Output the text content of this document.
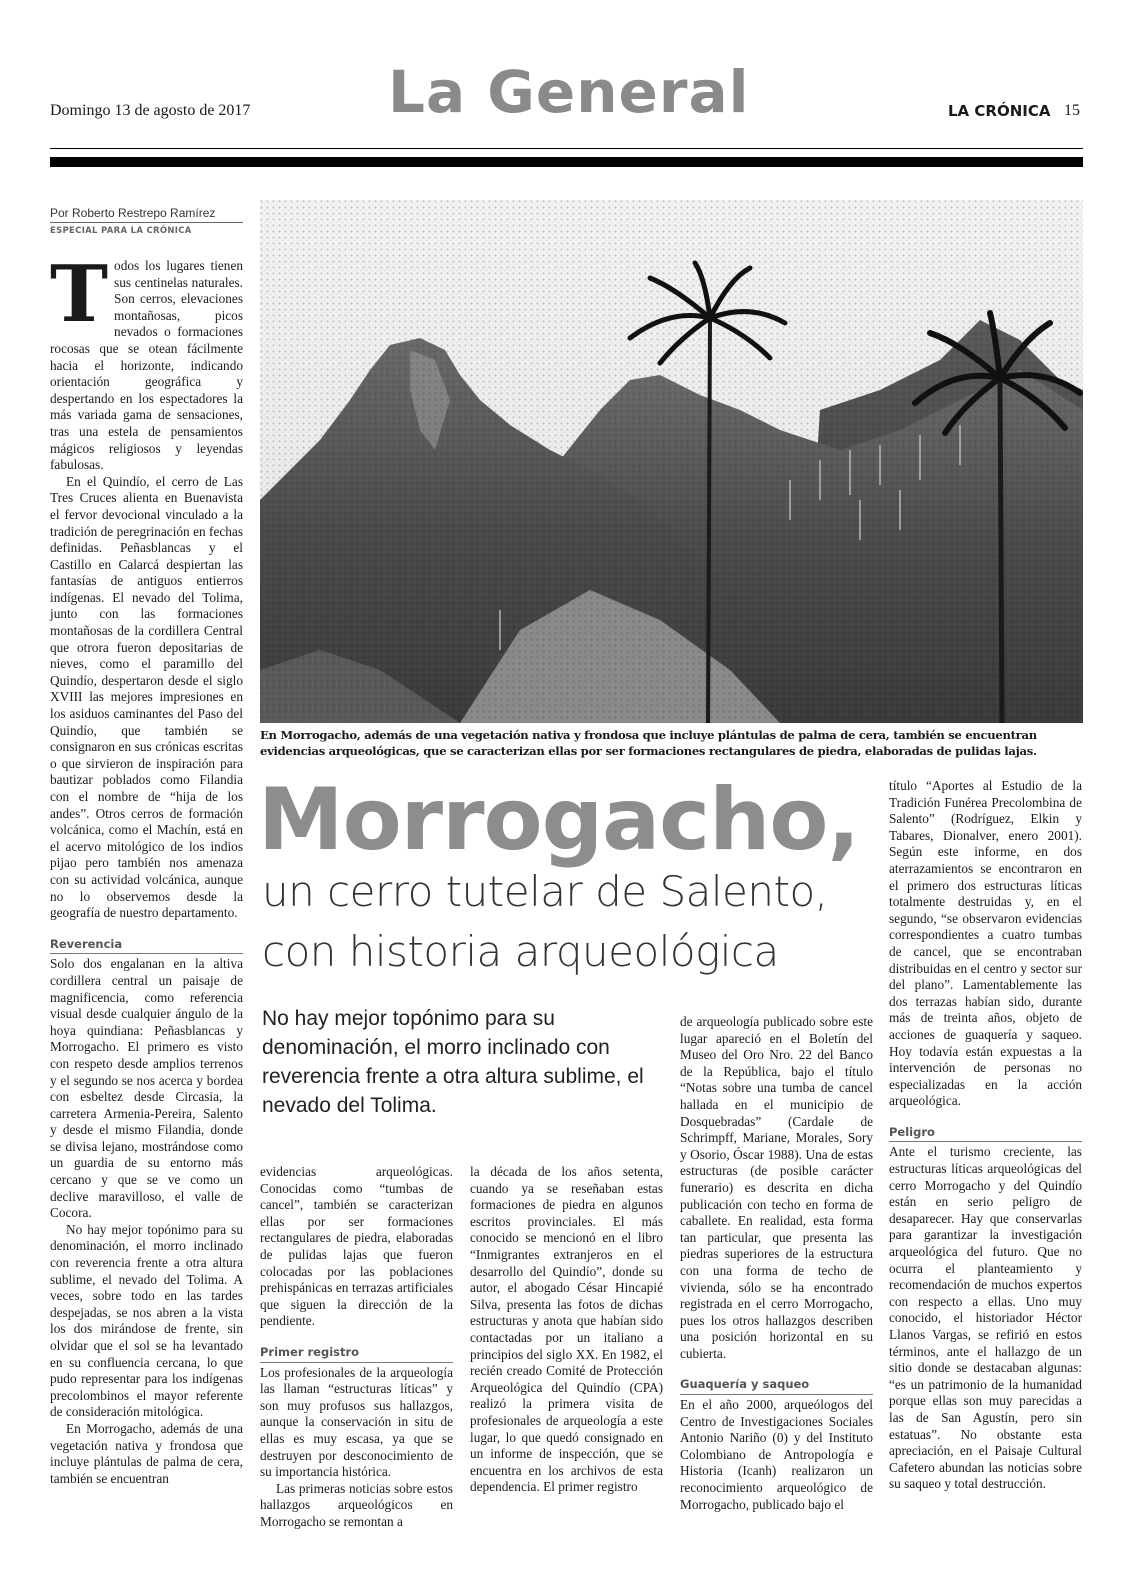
Domingo 13 de agosto de 2017 La General	LA CRÓNICA 15
Por Roberto Restrepo Ramírez
ESPECIAL PARA LA CRÓNICA
T odos los lugares tienen sus centinelas naturales. Son cerros, elevaciones montañosas, picos nevados o formaciones rocosas que se otean fácilmente hacia el horizonte, indicando orientación geográfica y despertando en los espectadores la más variada gama de sensaciones, tras una estela de pensamientos mágicos religiosos y leyendas fabulosas.

En el Quindío, el cerro de Las Tres Cruces alienta en Buenavista el fervor devocional vinculado a la tradición de peregrinación en fechas definidas. Peñasblancas y el Castillo en Calarcá despiertan las fantasías de antiguos entierros indígenas. El nevado del Tolima, junto con las formaciones montañosas de la cordillera Central que otrora fueron depositarias de nieves, como el paramillo del Quindío, despertaron desde el siglo XVIII las mejores impresiones en los asiduos caminantes del Paso del Quindío, que también se consignaron en sus crónicas escritas o que sirvieron de inspiración para bautizar poblados como Filandia con el nombre de “hija de los andes”. Otros cerros de formación volcánica, como el Machín, está en el acervo mitológico de los indios pijao pero también nos amenaza con su actividad volcánica, aunque no lo observemos desde la geografía de nuestro departamento.

Reverencia

Solo dos engalanan en la altiva cordillera central un paisaje de magnificencia, como referencia visual desde cualquier ángulo de la hoya quindiana: Peñasblancas y Morrogacho. El primero es visto con respeto desde amplios terrenos y el segundo se nos acerca y bordea con esbeltez desde Circasia, la carretera Armenia-Pereira, Salento y desde el mismo Filandia, donde se divisa lejano, mostrándose como un guardia de su entorno más cercano y que se ve como un declive maravilloso, el valle de Cocora.

No hay mejor topónimo para su denominación, el morro inclinado con reverencia frente a otra altura sublime, el nevado del Tolima. A veces, sobre todo en las tardes despejadas, se nos abren a la vista los dos mirándose de frente, sin olvidar que el sol se ha levantado en su confluencia cercana, lo que pudo representar para los indígenas precolombinos el mayor referente de consideración mitológica.

En Morrogacho, además de una vegetación nativa y frondosa que incluye plántulas de palma de cera, también se encuentran

En Morrogacho, además de una vegetación nativa y frondosa que incluye plántulas de palma de cera, también se encuentran evidencias arqueológicas, que se caracterizan ellas por ser formaciones rectangulares de piedra, elaboradas de pulidas lajas.
Morrogacho,
un cerro tutelar de Salento,
con historia arqueológica
No hay mejor topónimo para su denominación, el morro inclinado con reverencia frente a otra altura sublime, el nevado del Tolima.

evidencias arqueológicas. Conocidas como “tumbas de cancel”, también se caracterizan ellas por ser formaciones rectangulares de piedra, elaboradas de pulidas lajas que fueron colocadas por las poblaciones prehispánicas en terrazas artificiales que siguen la dirección de la pendiente.

Primer registro

Los profesionales de la arqueología las llaman “estructuras líticas” y son muy profusos sus hallazgos, aunque la conservación in situ de ellas es muy escasa, ya que se destruyen por desconocimiento de su importancia histórica.

Las primeras noticias sobre estos hallazgos arqueológicos en Morrogacho se remontan a

la década de los años setenta, cuando ya se reseñaban estas formaciones de piedra en algunos escritos provinciales. El más conocido se mencionó en el libro “Inmigrantes extranjeros en el desarrollo del Quindío”, donde su autor, el abogado César Hincapié Silva, presenta las fotos de dichas estructuras y anota que habían sido contactadas por un italiano a principios del siglo XX. En 1982, el recién creado Comité de Protección Arqueológica del Quindío (CPA) realizó la primera visita de profesionales de arqueología a este lugar, lo que quedó consignado en un informe de inspección, que se encuentra en los archivos de esta dependencia. El primer registro

de arqueología publicado sobre este lugar apareció en el Boletín del Museo del Oro Nro. 22 del Banco de la República, bajo el título “Notas sobre una tumba de cancel hallada en el municipio de Dosquebradas” (Cardale de Schrimpff, Mariane, Morales, Sory y Osorio, Óscar 1988). Una de estas estructuras (de posible carácter funerario) es descrita en dicha publicación con techo en forma de caballete. En realidad, esta forma tan particular, que presenta las piedras superiores de la estructura con una forma de techo de vivienda, sólo se ha encontrado registrada en el cerro Morrogacho, pues los otros hallazgos describen una posición horizontal en su cubierta.

Guaquería y saqueo

En el año 2000, arqueólogos del Centro de Investigaciones Sociales Antonio Nariño (0) y del Instituto Colombiano de Antropología e Historia (Icanh) realizaron un reconocimiento arqueológico de Morrogacho, publicado bajo el

título “Aportes al Estudio de la Tradición Funérea Precolombina de Salento” (Rodríguez, Elkin y Tabares, Dionalver, enero 2001). Según este informe, en dos aterrazamientos se encontraron en el primero dos estructuras líticas totalmente destruidas y, en el segundo, “se observaron evidencias correspondientes a cuatro tumbas de cancel, que se encontraban distribuidas en el centro y sector sur del plano”. Lamentablemente las dos terrazas habían sido, durante más de treinta años, objeto de acciones de guaquería y saqueo. Hoy todavía están expuestas a la intervención de personas no especializadas en la acción arqueológica.

Peligro

Ante el turismo creciente, las estructuras líticas arqueológicas del cerro Morrogacho y del Quindío están en serio peligro de desaparecer. Hay que conservarlas para garantizar la investigación arqueológica del futuro. Que no ocurra el planteamiento y recomendación de muchos expertos con respecto a ellas. Uno muy conocido, el historiador Héctor Llanos Vargas, se refirió en estos términos, ante el hallazgo de un sitio donde se destacaban algunas: “es un patrimonio de la humanidad porque ellas son muy parecidas a las de San Agustín, pero sin estatuas”. No obstante esta apreciación, en el Paisaje Cultural Cafetero abundan las noticias sobre su saqueo y total destrucción.
